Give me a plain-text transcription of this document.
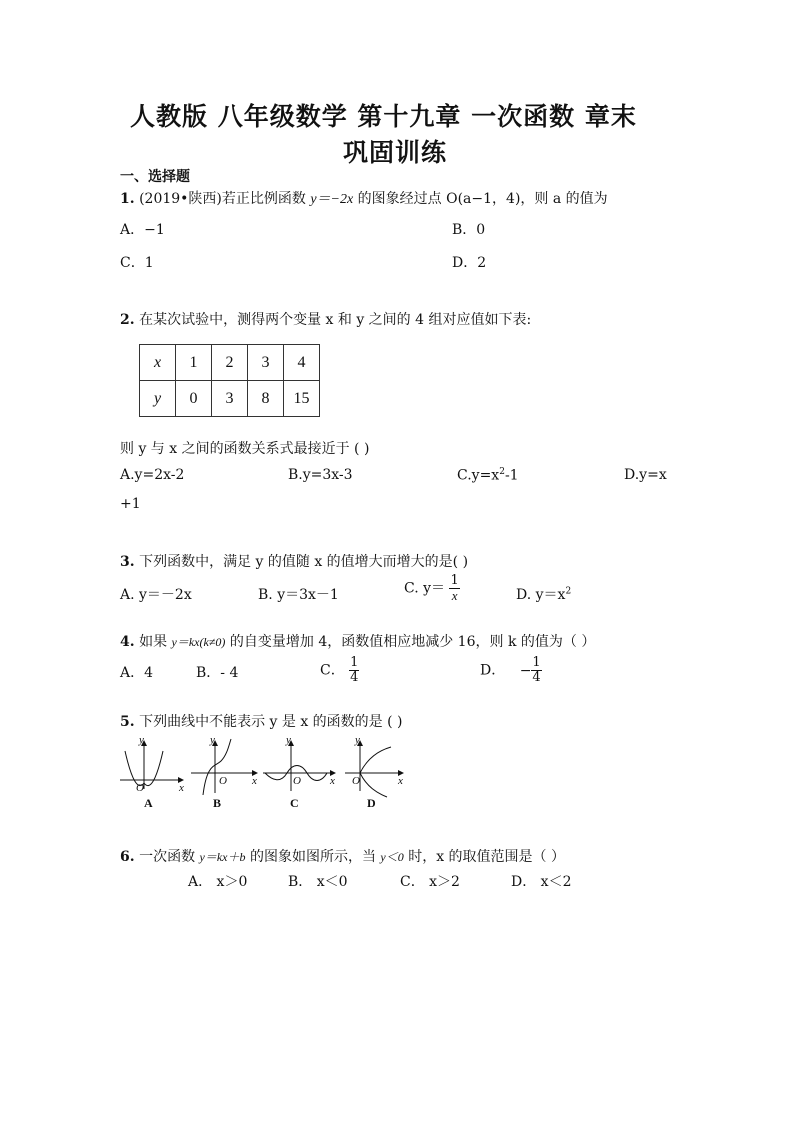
人教版 八年级数学 第十九章 一次函数 章末
巩固训练
一、选择题
1. (2019•陕西)若正比例函数 y＝−2x 的图象经过点 O(a−1，4)，则 a 的值为
A．−1	B．0
C．1	D．2
2. 在某次试验中，测得两个变量 x 和 y 之间的 4 组对应值如下表:
x	1	2	3	4
y	0	3	8	15
则 y 与 x 之间的函数关系式最接近于 ( )
A.y=2x-2	B.y=3x-3	$C.y=x^2-1$	D.y=x
+1
3. 下列函数中，满足 y 的值随 x 的值增大而增大的是( )
A. y＝－2x	B. y＝3x－1	C. $y= \frac{1}{x}$	D. $y=x^2$
4. 如果 y＝kx(k≠0) 的自变量增加 4，函数值相应地减少 16，则 k 的值为（ ）
A．4	B．- 4	C． $\frac{1}{4}$	D． − $\frac{1}{4}$
5. 下列曲线中不能表示 y 是 x 的函数的是 ( )
y
x
O
y
x
O
y
x
O
y
x
O
A	B	C	D
6. 一次函数 y＝kx＋b 的图象如图所示，当 y＜0 时，x 的取值范围是（ ）
A． x＞0	B． x＜0	C． x＞2	D． x＜2
